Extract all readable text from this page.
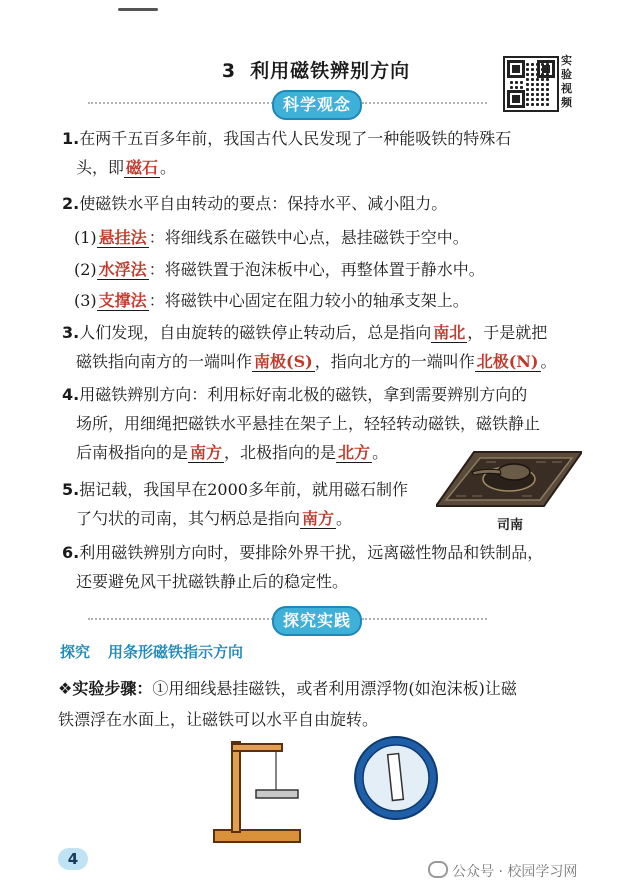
3 利用磁铁辨别方向	实验视频
科学观念
1.在两千五百多年前，我国古代人民发现了一种能吸铁的特殊石
头，即 磁石 。
2.使磁铁水平自由转动的要点：保持水平、减小阻力。
(1) 悬挂法 ：将细线系在磁铁中心点，悬挂磁铁于空中。
(2) 水浮法 ：将磁铁置于泡沫板中心，再整体置于静水中。
(3) 支撑法 ：将磁铁中心固定在阻力较小的轴承支架上。
3.人们发现，自由旋转的磁铁停止转动后，总是指向 南北 ，于是就把
磁铁指向南方的一端叫作 南极(S) ，指向北方的一端叫作 北极(N) 。
4.用磁铁辨别方向：利用标好南北极的磁铁，拿到需要辨别方向的
场所，用细绳把磁铁水平悬挂在架子上，轻轻转动磁铁，磁铁静止
后南极指向的是 南方 ，北极指向的是 北方 。
5.据记载，我国早在2000多年前，就用磁石制作
了勺状的司南，其勺柄总是指向 南方 。	司南
6.利用磁铁辨别方向时，要排除外界干扰，远离磁性物品和铁制品，
还要避免风干扰磁铁静止后的稳定性。
探究实践
探究 用条形磁铁指示方向
❖实验步骤：①用细线悬挂磁铁，或者利用漂浮物(如泡沫板)让磁
铁漂浮在水面上，让磁铁可以水平自由旋转。
4
公众号 · 校园学习网
